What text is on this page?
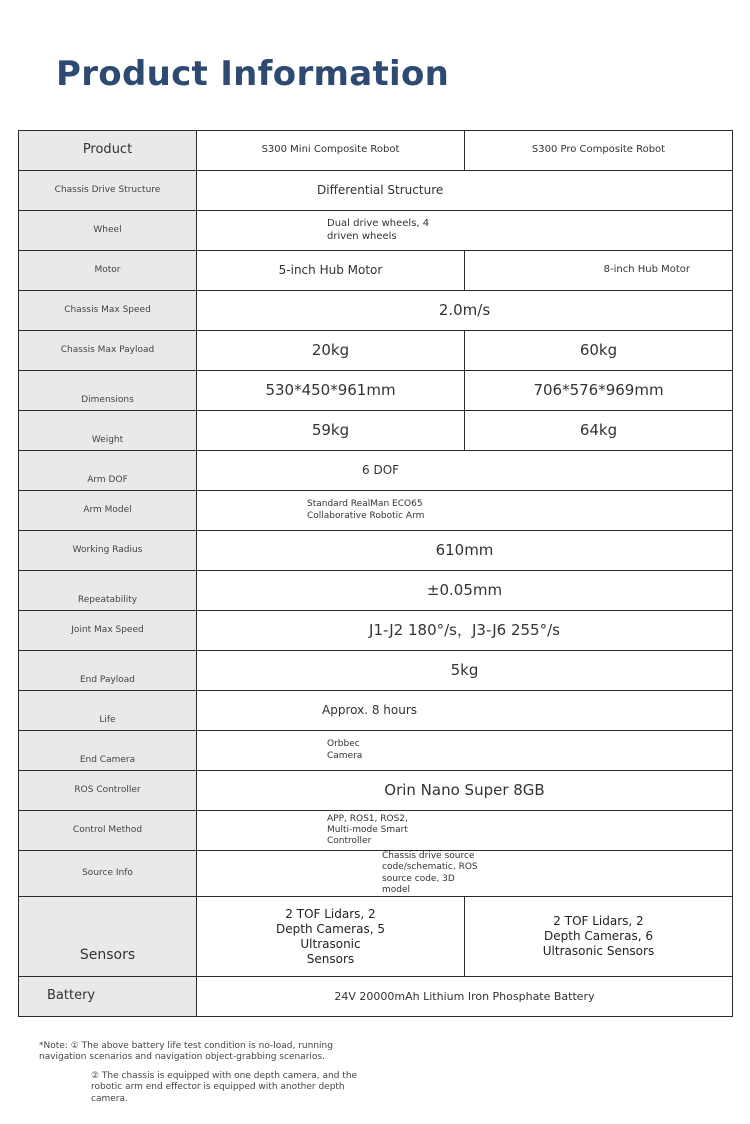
Product Information
Product	S300 Mini Composite Robot	S300 Pro Composite Robot
Chassis Drive Structure	Differential Structure	
Wheel	Dual drive wheels, 4 driven wheels	
Motor	5-inch Hub Motor	8-inch Hub Motor
Chassis Max Speed	2.0m/s	
Chassis Max Payload	20kg	60kg
Dimensions	530*450*961mm	706*576*969mm
Weight	59kg	64kg
Arm DOF	6 DOF	
Arm Model	Standard RealMan ECO65 Collaborative Robotic Arm	
Working Radius	610mm	
Repeatability	±0.05mm	
Joint Max Speed	J1-J2 180°/s，J3-J6 255°/s	
End Payload	5kg	
Life	Approx. 8 hours	
End Camera	Orbbec Camera	
ROS Controller	Orin Nano Super 8GB	
Control Method	APP, ROS1, ROS2, Multi-mode Smart Controller	
Source Info	Chassis drive source code/schematic, ROS source code, 3D model	
Sensors	2 TOF Lidars, 2 Depth Cameras, 5 Ultrasonic Sensors	2 TOF Lidars, 2 Depth Cameras, 6 Ultrasonic Sensors
Battery	24V 20000mAh Lithium Iron Phosphate Battery	
*Note: ① The above battery life test condition is no-load, running navigation scenarios and navigation object-grabbing scenarios.
② The chassis is equipped with one depth camera, and the robotic arm end effector is equipped with another depth camera.
